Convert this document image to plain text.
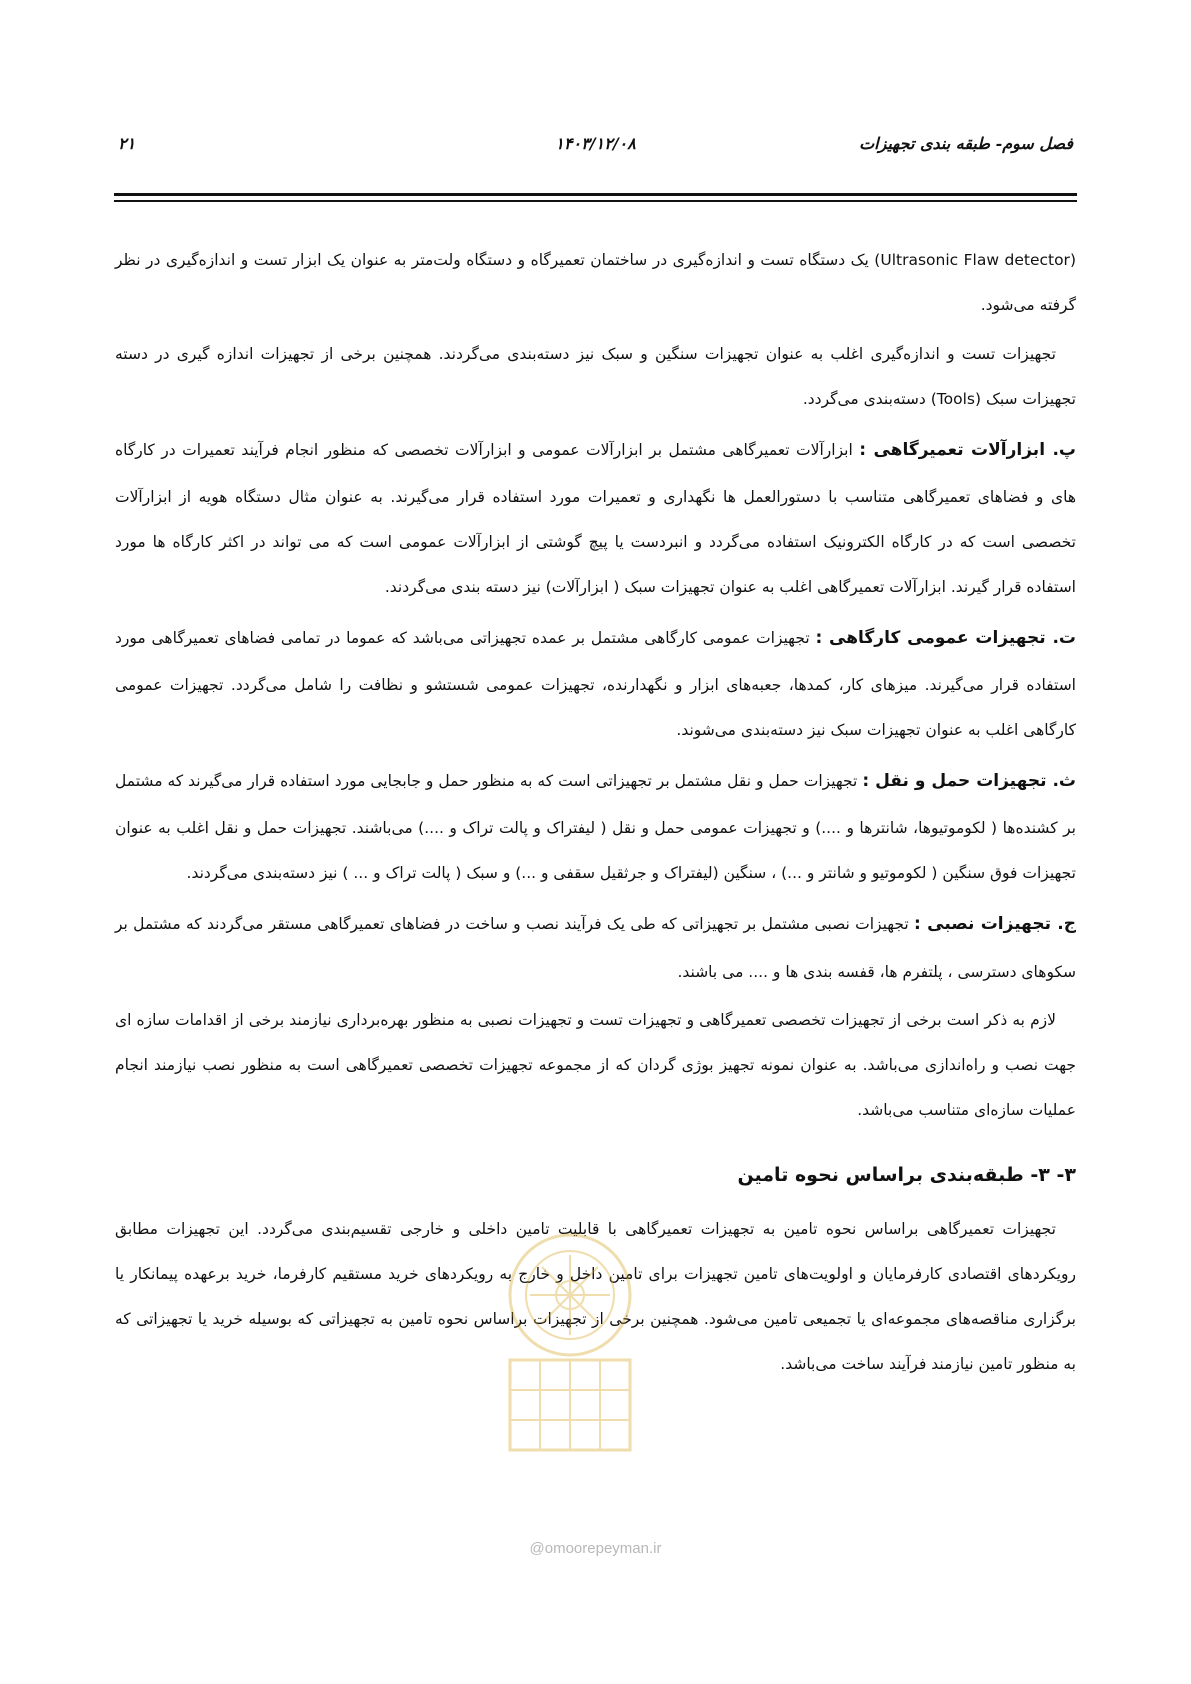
فصل سوم- طبقه بندی تجهیزات
۱۴۰۳/۱۲/۰۸
۲۱

(Ultrasonic Flaw detector) یک دستگاه تست و اندازه‌گیری در ساختمان تعمیرگاه و دستگاه ولت‌متر به عنوان یک ابزار تست و اندازه‌گیری در نظر گرفته می‌شود.

تجهیزات تست و اندازه‌گیری اغلب به عنوان تجهیزات سنگین و سبک نیز دسته‌بندی می‌گردند. همچنین برخی از تجهیزات اندازه گیری در دسته تجهیزات سبک (Tools) دسته‌بندی می‌گردد.

پ. ابزارآلات تعمیرگاهی : ابزارآلات تعمیرگاهی مشتمل بر ابزارآلات عمومی و ابزارآلات تخصصی که منظور انجام فرآیند تعمیرات در کارگاه های و فضاهای تعمیرگاهی متناسب با دستورالعمل ها نگهداری و تعمیرات مورد استفاده قرار می‌گیرند. به عنوان مثال دستگاه هویه از ابزارآلات تخصصی است که در کارگاه الکترونیک استفاده می‌گردد و انبردست یا پیچ گوشتی از ابزارآلات عمومی است که می تواند در اکثر کارگاه ها مورد استفاده قرار گیرند. ابزارآلات تعمیرگاهی اغلب به عنوان تجهیزات سبک ( ابزارآلات) نیز دسته بندی می‌گردند.

ت. تجهیزات عمومی کارگاهی : تجهیزات عمومی کارگاهی مشتمل بر عمده تجهیزاتی می‌باشد که عموما در تمامی فضاهای تعمیرگاهی مورد استفاده قرار می‌گیرند. میزهای کار، کمدها، جعبه‌های ابزار و نگهدارنده، تجهیزات عمومی شستشو و نظافت را شامل می‌گردد. تجهیزات عمومی کارگاهی اغلب به عنوان تجهیزات سبک نیز دسته‌بندی می‌شوند.

ث. تجهیزات حمل و نقل : تجهیزات حمل و نقل مشتمل بر تجهیزاتی است که به منظور حمل و جابجایی مورد استفاده قرار می‌گیرند که مشتمل بر کشنده‌ها ( لکوموتیوها، شانترها و ....) و تجهیزات عمومی حمل و نقل ( لیفتراک و پالت تراک و ....) می‌باشند. تجهیزات حمل و نقل اغلب به عنوان تجهیزات فوق سنگین ( لکوموتیو و شانتر و ...) ، سنگین (لیفتراک و جرثقیل سقفی و ...) و سبک ( پالت تراک و ... ) نیز دسته‌بندی می‌گردند.

ج. تجهیزات نصبی : تجهیزات نصبی مشتمل بر تجهیزاتی که طی یک فرآیند نصب و ساخت در فضاهای تعمیرگاهی مستقر می‌گردند که مشتمل بر سکوهای دسترسی ، پلتفرم ها، قفسه بندی ها و .... می باشند.

لازم به ذکر است برخی از تجهیزات تخصصی تعمیرگاهی و تجهیزات تست و تجهیزات نصبی به منظور بهره‌برداری نیازمند برخی از اقدامات سازه ای جهت نصب و راه‌اندازی می‌باشد. به عنوان نمونه تجهیز بوژی گردان که از مجموعه تجهیزات تخصصی تعمیرگاهی است به منظور نصب نیازمند انجام عملیات سازه‌ای متناسب می‌باشد.

۳- ۳- طبقه‌بندی براساس نحوه تامین

تجهیزات تعمیرگاهی براساس نحوه تامین به تجهیزات تعمیرگاهی با قابلیت تامین داخلی و خارجی تقسیم‌بندی می‌گردد. این تجهیزات مطابق رویکردهای اقتصادی کارفرمایان و اولویت‌های تامین تجهیزات برای تامین داخل و خارج به رویکردهای خرید مستقیم کارفرما، خرید برعهده پیمانکار یا برگزاری مناقصه‌های مجموعه‌ای یا تجمیعی تامین می‌شود. همچنین برخی از تجهیزات براساس نحوه تامین به تجهیزاتی که بوسیله خرید یا تجهیزاتی که به منظور تامین نیازمند فرآیند ساخت می‌باشد.

@omoorepeyman.ir
